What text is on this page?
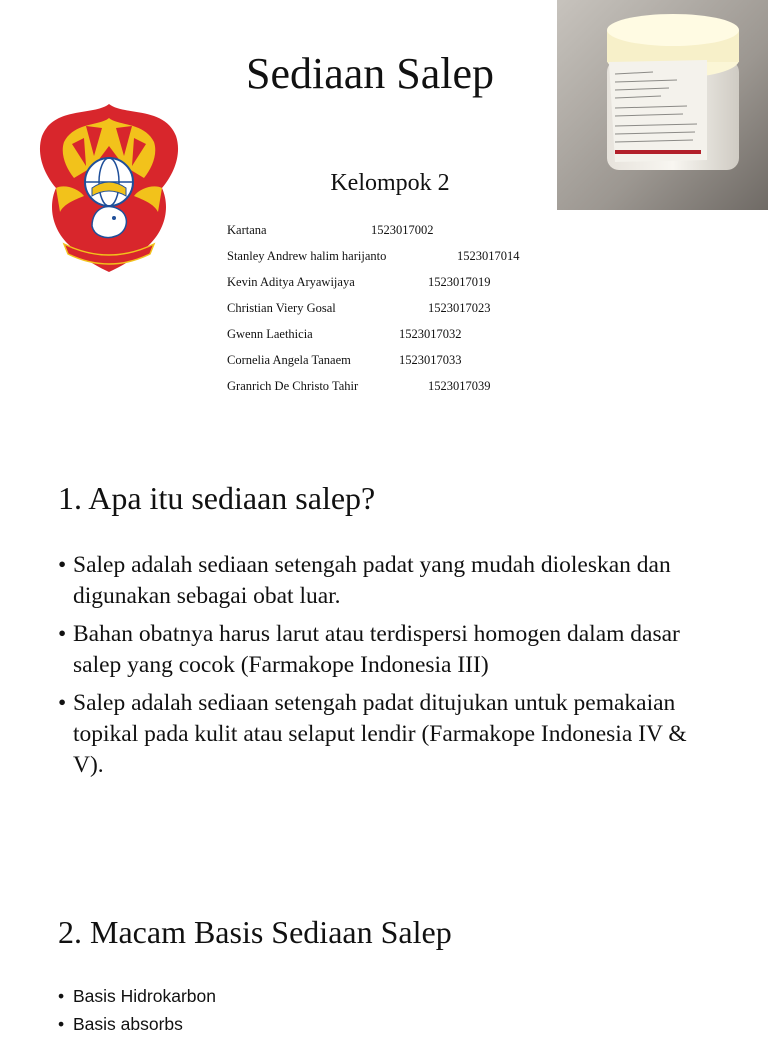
Sediaan Salep
Kelompok 2
Kartana	1523017002
Stanley Andrew halim harijanto	1523017014
Kevin Aditya Aryawijaya	1523017019
Christian Viery Gosal	1523017023
Gwenn Laethicia	1523017032
Cornelia Angela Tanaem	1523017033
Granrich De Christo Tahir	1523017039
1. Apa itu sediaan salep?
• Salep adalah sediaan setengah padat yang mudah dioleskan dan digunakan sebagai obat luar.
• Bahan obatnya harus larut atau terdispersi homogen dalam dasar salep yang cocok (Farmakope Indonesia III)
• Salep adalah sediaan setengah padat ditujukan untuk pemakaian topikal pada kulit atau selaput lendir (Farmakope Indonesia IV & V).
2. Macam Basis Sediaan Salep
• Basis Hidrokarbon
• Basis absorbs
